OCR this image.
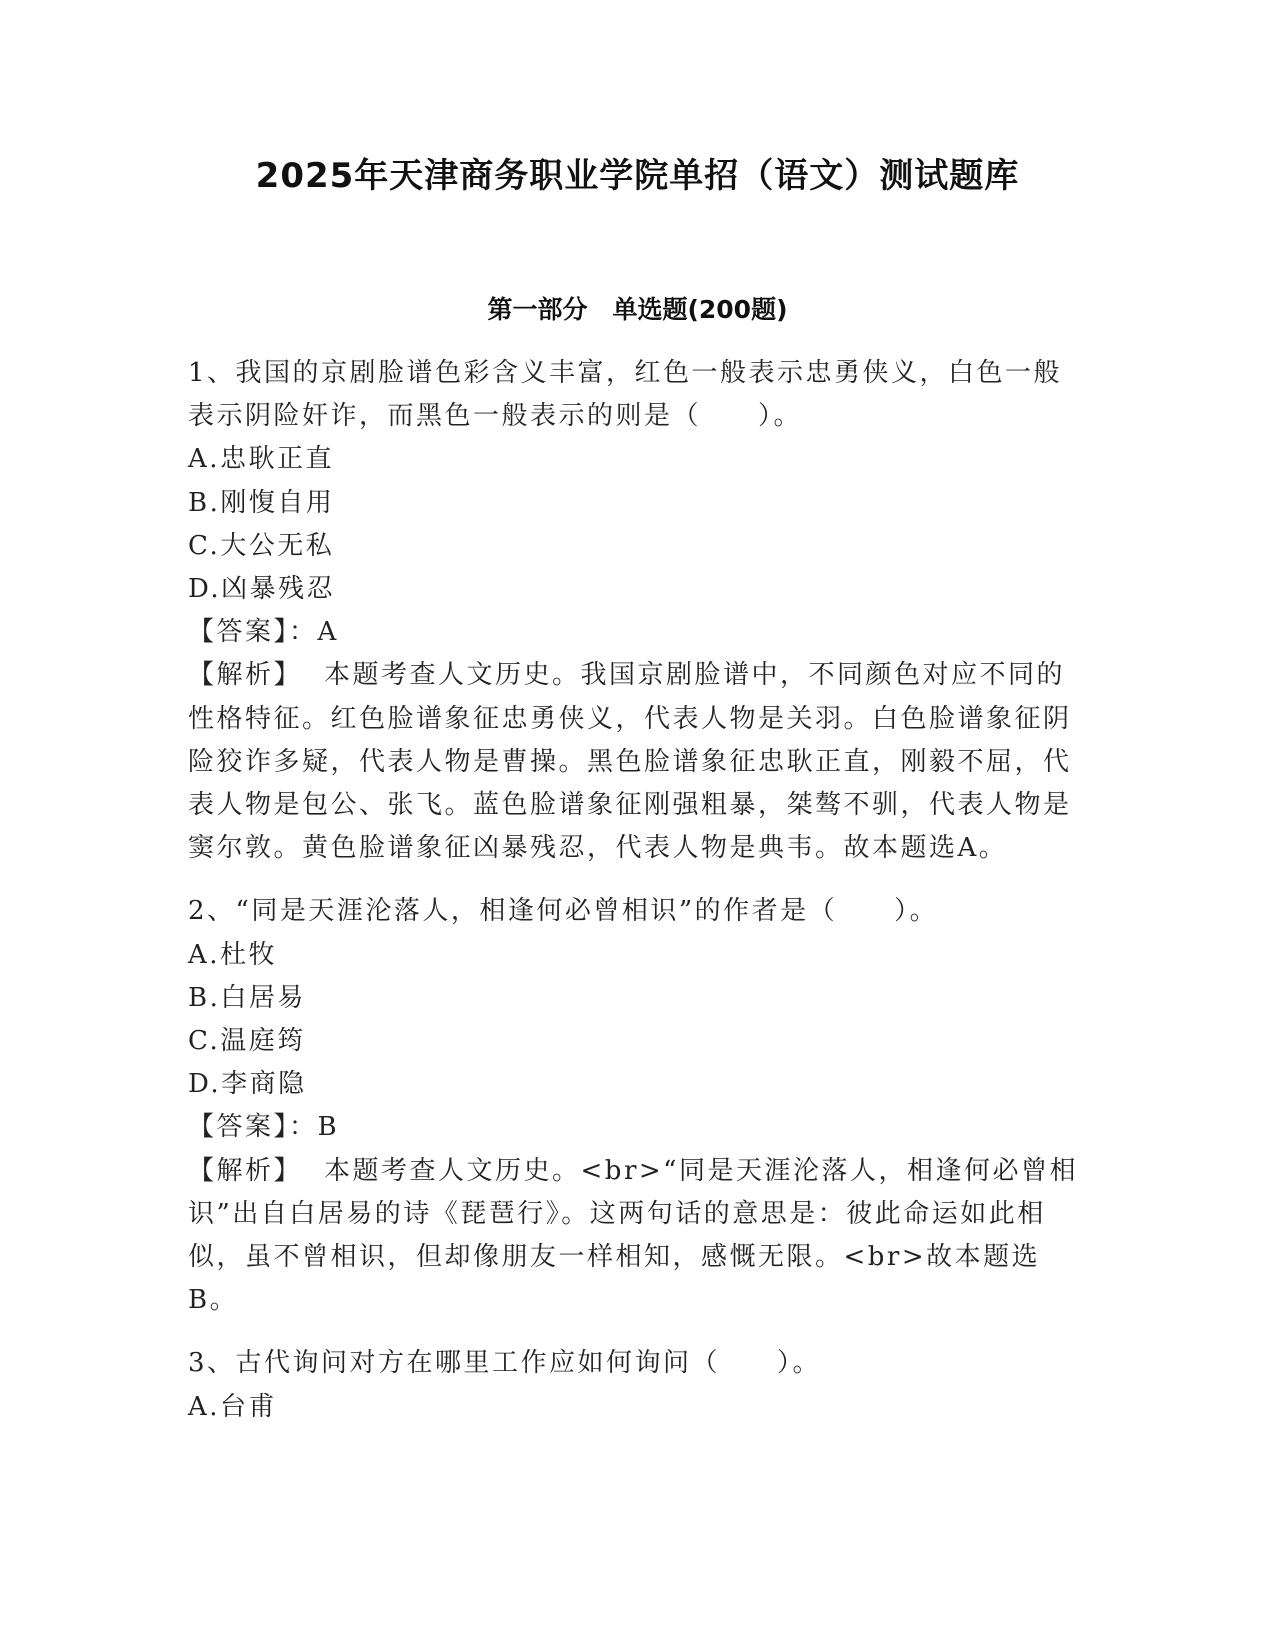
2025年天津商务职业学院单招（语文）测试题库
第一部分　单选题(200题)

1、我国的京剧脸谱色彩含义丰富，红色一般表示忠勇侠义，白色一般表示阴险奸诈，而黑色一般表示的则是（　　）。

A.忠耿正直

B.刚愎自用

C.大公无私

D.凶暴残忍

【答案】：A

【解析】 本题考查人文历史。我国京剧脸谱中，不同颜色对应不同的性格特征。红色脸谱象征忠勇侠义，代表人物是关羽。白色脸谱象征阴险狡诈多疑，代表人物是曹操。黑色脸谱象征忠耿正直，刚毅不屈，代表人物是包公、张飞。蓝色脸谱象征刚强粗暴，桀骜不驯，代表人物是窦尔敦。黄色脸谱象征凶暴残忍，代表人物是典韦。故本题选A。

2、“同是天涯沦落人，相逢何必曾相识”的作者是（　　）。

A.杜牧

B.白居易

C.温庭筠

D.李商隐

【答案】：B

【解析】 本题考查人文历史。<br>“同是天涯沦落人，相逢何必曾相识”出自白居易的诗《琵琶行》。这两句话的意思是：彼此命运如此相似，虽不曾相识，但却像朋友一样相知，感慨无限。<br>故本题选B。

3、古代询问对方在哪里工作应如何询问（　　）。

A.台甫
